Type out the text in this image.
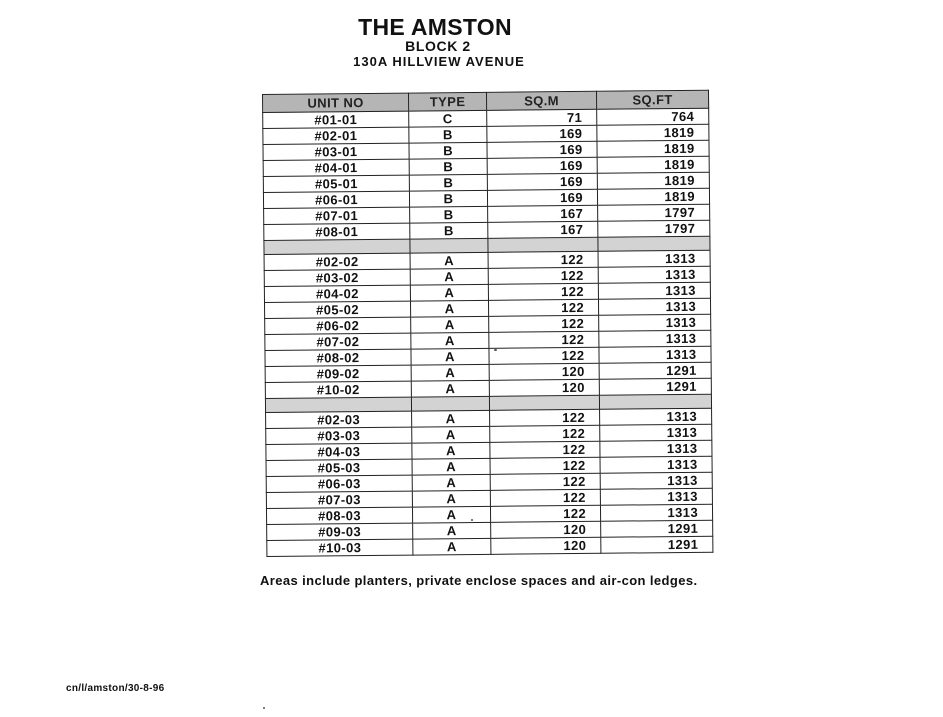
THE AMSTON
BLOCK 2
130A HILLVIEW AVENUE
UNIT NO	TYPE	SQ.M	SQ.FT
#01-01	C	71	764
#02-01	B	169	1819
#03-01	B	169	1819
#04-01	B	169	1819
#05-01	B	169	1819
#06-01	B	169	1819
#07-01	B	167	1797
#08-01	B	167	1797

#02-02	A	122	1313
#03-02	A	122	1313
#04-02	A	122	1313
#05-02	A	122	1313
#06-02	A	122	1313
#07-02	A	122	1313
#08-02	A	122	1313
#09-02	A	120	1291
#10-02	A	120	1291

#02-03	A	122	1313
#03-03	A	122	1313
#04-03	A	122	1313
#05-03	A	122	1313
#06-03	A	122	1313
#07-03	A	122	1313
#08-03	A	122	1313
#09-03	A	120	1291
#10-03	A	120	1291
Areas include planters, private enclose spaces and air-con ledges.
cn/l/amston/30-8-96
